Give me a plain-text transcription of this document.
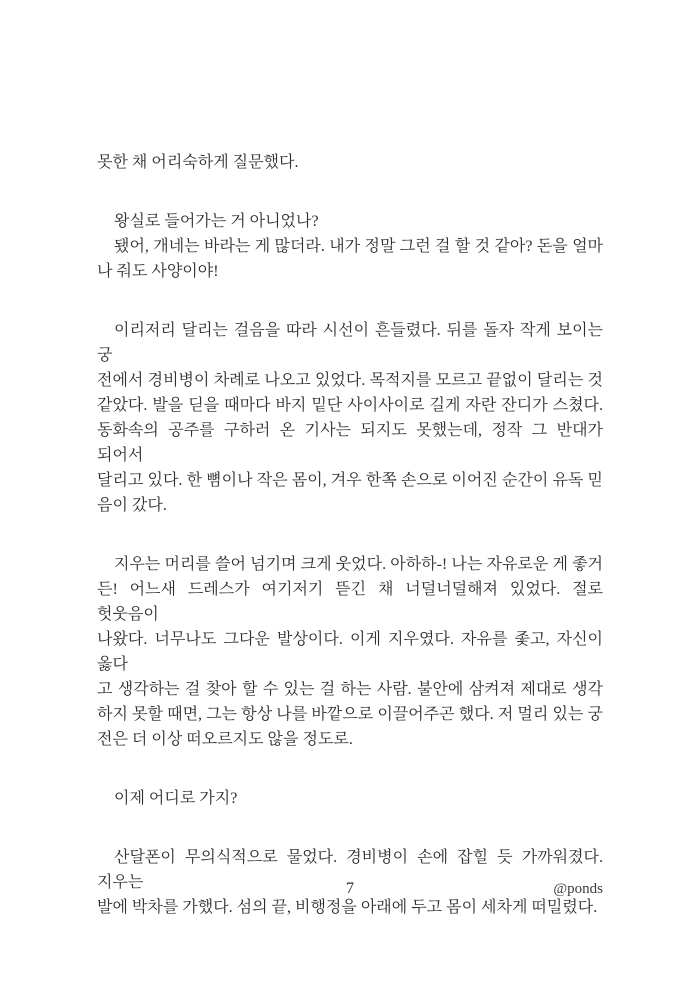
못한 채 어리숙하게 질문했다.
왕실로 들어가는 거 아니었나?
됐어, 개네는 바라는 게 많더라. 내가 정말 그런 걸 할 것 같아? 돈을 얼마
나 줘도 사양이야!
이리저리 달리는 걸음을 따라 시선이 흔들렸다. 뒤를 돌자 작게 보이는 궁
전에서 경비병이 차례로 나오고 있었다. 목적지를 모르고 끝없이 달리는 것
같았다. 발을 딛을 때마다 바지 밑단 사이사이로 길게 자란 잔디가 스쳤다.
동화속의 공주를 구하러 온 기사는 되지도 못했는데, 정작 그 반대가 되어서
달리고 있다. 한 뼘이나 작은 몸이, 겨우 한쪽 손으로 이어진 순간이 유독 믿
음이 갔다.
지우는 머리를 쓸어 넘기며 크게 웃었다. 아하하-! 나는 자유로운 게 좋거
든! 어느새 드레스가 여기저기 뜯긴 채 너덜너덜해져 있었다. 절로 헛웃음이
나왔다. 너무나도 그다운 발상이다. 이게 지우였다. 자유를 좇고, 자신이 옳다
고 생각하는 걸 찾아 할 수 있는 걸 하는 사람. 불안에 삼켜져 제대로 생각
하지 못할 때면, 그는 항상 나를 바깥으로 이끌어주곤 했다. 저 멀리 있는 궁
전은 더 이상 떠오르지도 않을 정도로.
이제 어디로 가지?
산달폰이 무의식적으로 물었다. 경비병이 손에 잡힐 듯 가까워졌다. 지우는
발에 박차를 가했다. 섬의 끝, 비행정을 아래에 두고 몸이 세차게 떠밀렸다.
7	@ponds
